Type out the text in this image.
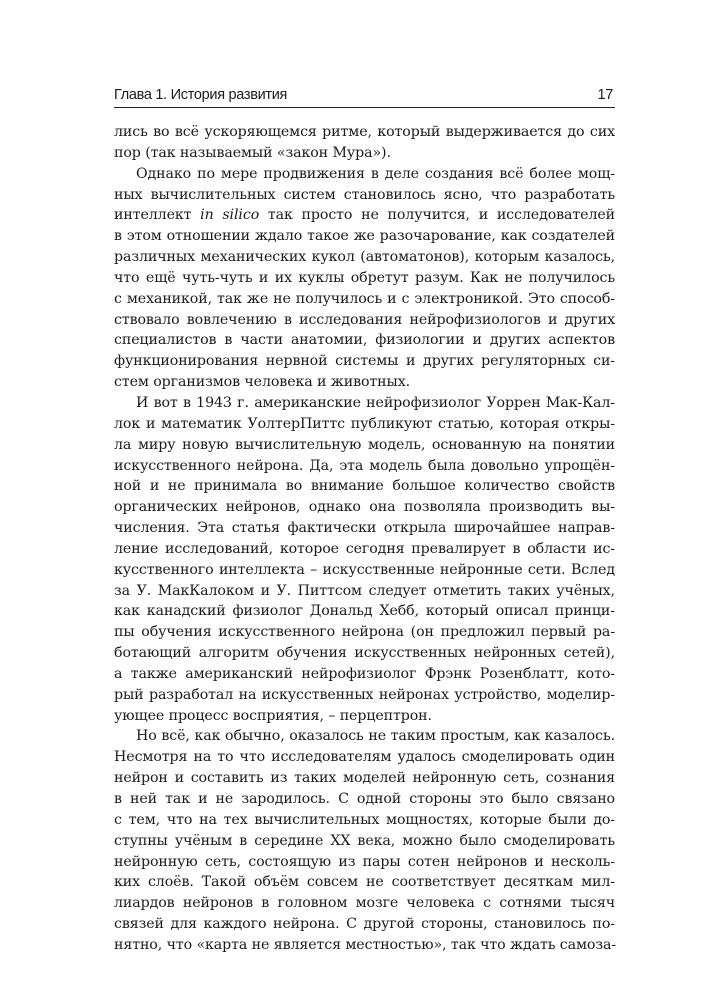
Глава 1. История развития	17
лись во всё ускоряющемся ритме, который выдерживается до сих
пор (так называемый «закон Мура»).
Однако по мере продвижения в деле создания всё более мощ-
ных вычислительных систем становилось ясно, что разработать
интеллект in silico так просто не получится, и исследователей
в этом отношении ждало такое же разочарование, как создателей
различных механических кукол (автоматонов), которым казалось,
что ещё чуть-чуть и их куклы обретут разум. Как не получилось
с механикой, так же не получилось и с электроникой. Это способ-
ствовало вовлечению в исследования нейрофизиологов и других
специалистов в части анатомии, физиологии и других аспектов
функционирования нервной системы и других регуляторных си-
стем организмов человека и животных.
И вот в 1943 г. американские нейрофизиолог Уоррен Мак-Кал-
лок и математик УолтерПиттс публикуют статью, которая откры-
ла миру новую вычислительную модель, основанную на понятии
искусственного нейрона. Да, эта модель была довольно упрощён-
ной и не принимала во внимание большое количество свойств
органических нейронов, однако она позволяла производить вы-
числения. Эта статья фактически открыла широчайшее направ-
ление исследований, которое сегодня превалирует в области ис-
кусственного интеллекта – искусственные нейронные сети. Вслед
за У. МакКалоком и У. Питтсом следует отметить таких учёных,
как канадский физиолог Дональд Хебб, который описал принци-
пы обучения искусственного нейрона (он предложил первый ра-
ботающий алгоритм обучения искусственных нейронных сетей),
а также американский нейрофизиолог Фрэнк Розенблатт, кото-
рый разработал на искусственных нейронах устройство, моделир-
ующее процесс восприятия, – перцептрон.
Но всё, как обычно, оказалось не таким простым, как казалось.
Несмотря на то что исследователям удалось смоделировать один
нейрон и составить из таких моделей нейронную сеть, сознания
в ней так и не зародилось. С одной стороны это было связано
с тем, что на тех вычислительных мощностях, которые были до-
ступны учёным в середине XX века, можно было смоделировать
нейронную сеть, состоящую из пары сотен нейронов и несколь-
ких слоёв. Такой объём совсем не соответствует десяткам мил-
лиардов нейронов в головном мозге человека с сотнями тысяч
связей для каждого нейрона. С другой стороны, становилось по-
нятно, что «карта не является местностью», так что ждать самоза-
